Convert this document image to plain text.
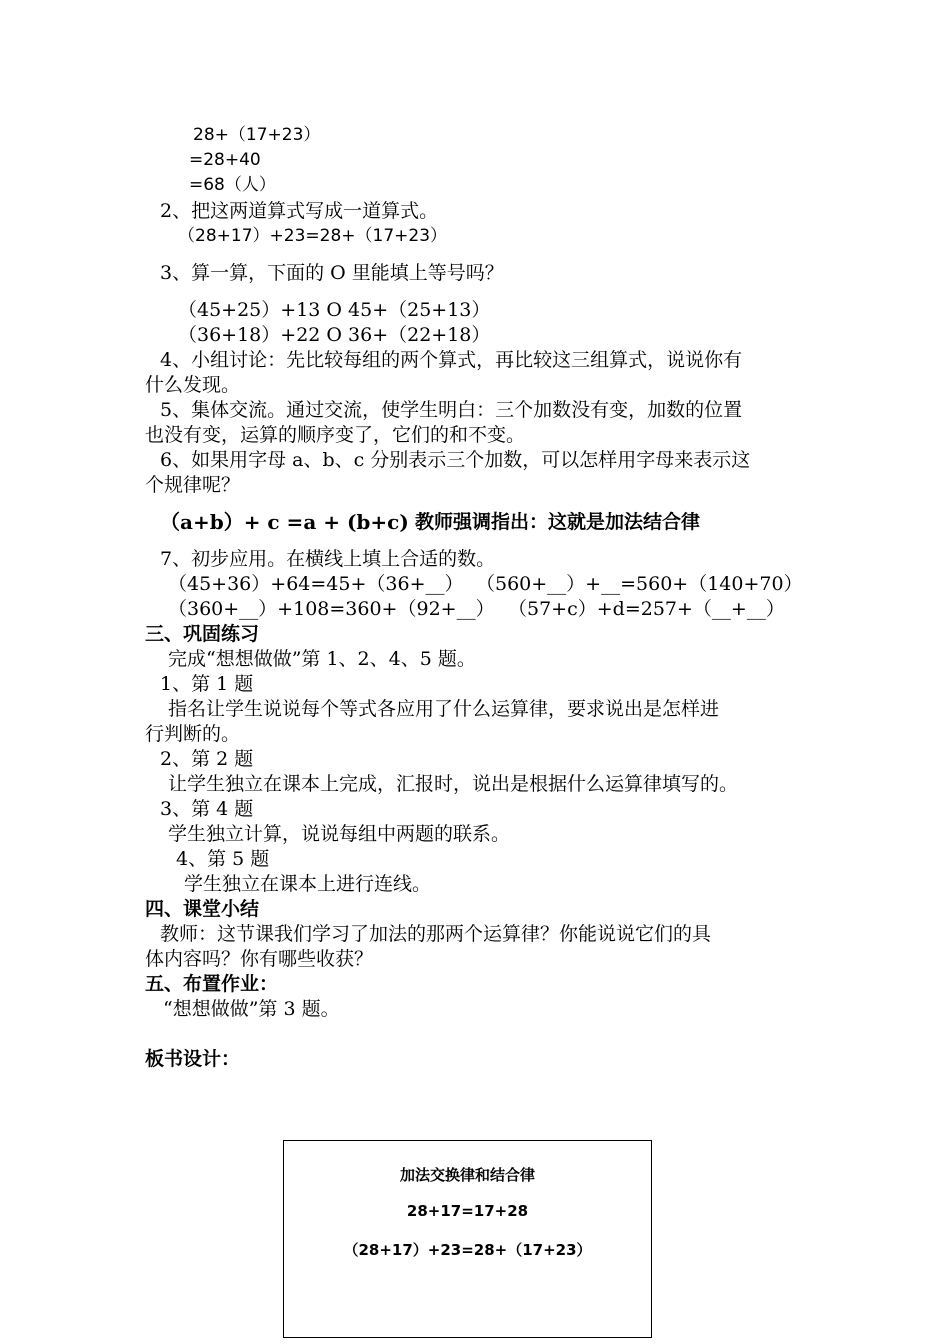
28+（17+23）
=28+40
=68（人）
2、把这两道算式写成一道算式。
（28+17）+23=28+（17+23）
3、算一算，下面的 O 里能填上等号吗？
（45+25）+13 O 45+（25+13）
（36+18）+22 O 36+（22+18）
4、小组讨论：先比较每组的两个算式，再比较这三组算式，说说你有
什么发现。
5、集体交流。通过交流，使学生明白：三个加数没有变，加数的位置
也没有变，运算的顺序变了，它们的和不变。
6、如果用字母 a、b、c 分别表示三个加数，可以怎样用字母来表示这
个规律呢？
（a+b）+ c =a + (b+c) 教师强调指出：这就是加法结合律
7、初步应用。在横线上填上合适的数。
（45+36）+64=45+（36+__） （560+__）+__=560+（140+70）
（360+__）+108=360+（92+__） （57+c）+d=257+（__+__）
三、巩固练习
完成“想想做做”第 1、2、4、5 题。
1、第 1 题
指名让学生说说每个等式各应用了什么运算律，要求说出是怎样进
行判断的。
2、第 2 题
让学生独立在课本上完成，汇报时，说出是根据什么运算律填写的。
3、第 4 题
学生独立计算，说说每组中两题的联系。
4、第 5 题
学生独立在课本上进行连线。
四、课堂小结
教师：这节课我们学习了加法的那两个运算律？你能说说它们的具
体内容吗？你有哪些收获？
五、布置作业：
“想想做做”第 3 题。
板书设计：
加法交换律和结合律
28+17=17+28
（28+17）+23=28+（17+23）
